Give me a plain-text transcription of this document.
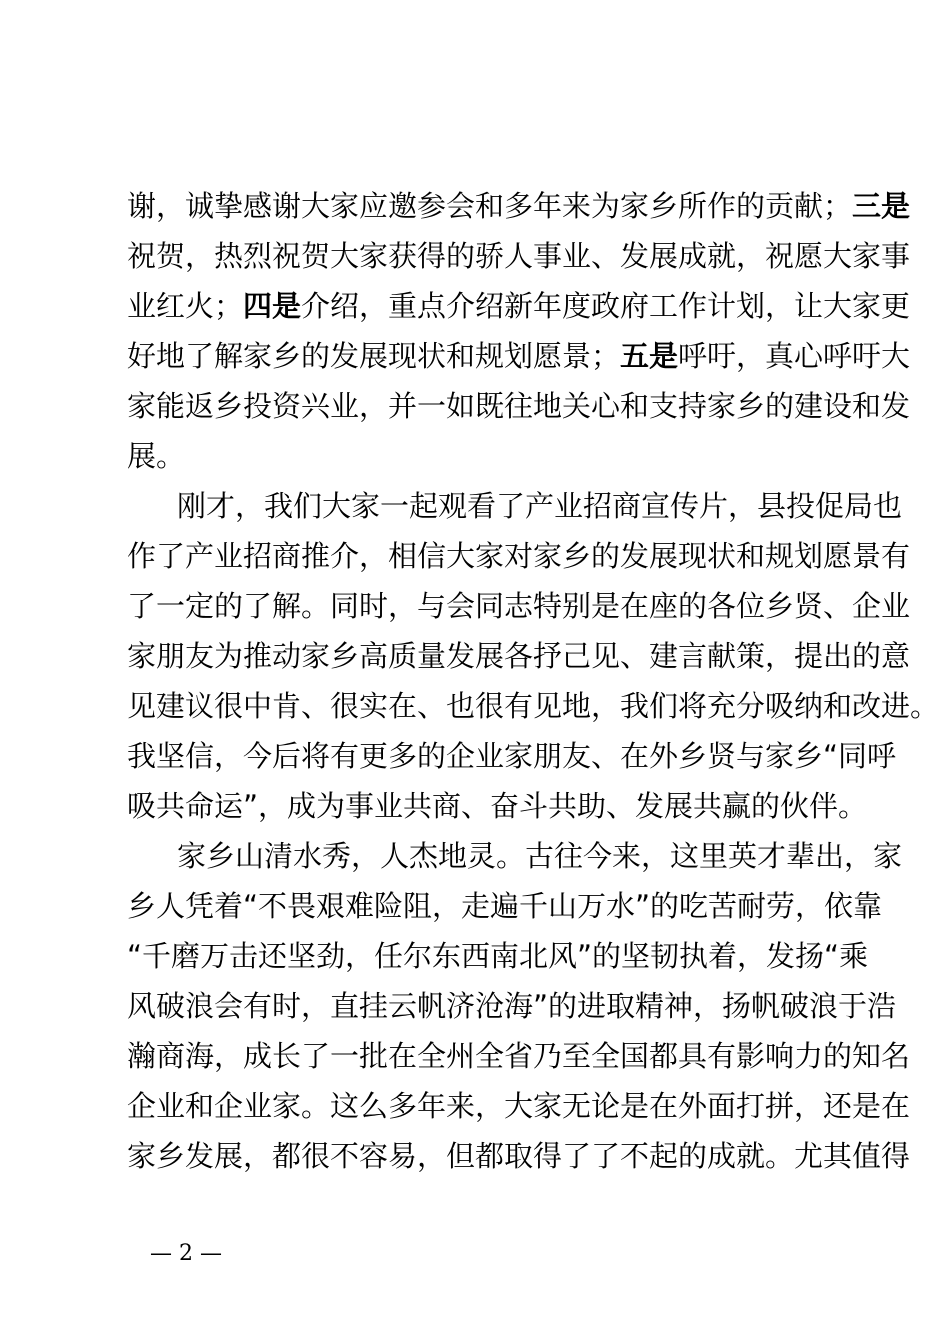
谢，诚挚感谢大家应邀参会和多年来为家乡所作的贡献；三是
祝贺，热烈祝贺大家获得的骄人事业、发展成就，祝愿大家事
业红火；四是介绍，重点介绍新年度政府工作计划，让大家更
好地了解家乡的发展现状和规划愿景；五是呼吁，真心呼吁大
家能返乡投资兴业，并一如既往地关心和支持家乡的建设和发
展。
刚才，我们大家一起观看了产业招商宣传片，县投促局也
作了产业招商推介，相信大家对家乡的发展现状和规划愿景有
了一定的了解。同时，与会同志特别是在座的各位乡贤、企业
家朋友为推动家乡高质量发展各抒己见、建言献策，提出的意
见建议很中肯、很实在、也很有见地，我们将充分吸纳和改进。
我坚信，今后将有更多的企业家朋友、在外乡贤与家乡“同呼
吸共命运”，成为事业共商、奋斗共助、发展共赢的伙伴。
家乡山清水秀，人杰地灵。古往今来，这里英才辈出，家
乡人凭着“不畏艰难险阻，走遍千山万水”的吃苦耐劳，依靠
“千磨万击还坚劲，任尔东西南北风”的坚韧执着，发扬“乘
风破浪会有时，直挂云帆济沧海”的进取精神，扬帆破浪于浩
瀚商海，成长了一批在全州全省乃至全国都具有影响力的知名
企业和企业家。这么多年来，大家无论是在外面打拼，还是在
家乡发展，都很不容易，但都取得了了不起的成就。尤其值得
— 2 —
